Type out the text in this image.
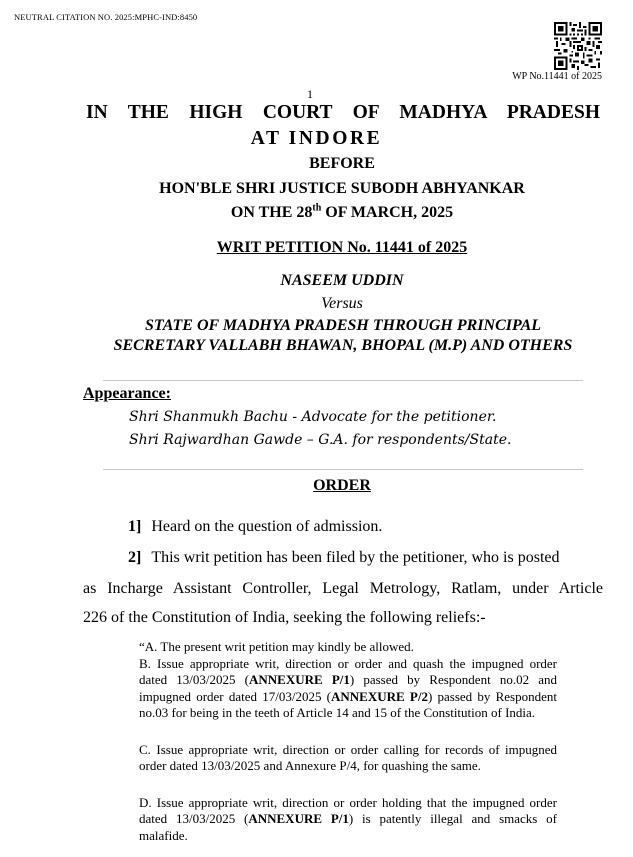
NEUTRAL CITATION NO. 2025:MPHC-IND:8450
WP No.11441 of 2025
1
IN THE HIGH COURT OF MADHYA PRADESH
AT INDORE
BEFORE
HON'BLE SHRI JUSTICE SUBODH ABHYANKAR
ON THE 28th OF MARCH, 2025
WRIT PETITION No. 11441 of 2025
NASEEM UDDIN
Versus
STATE OF MADHYA PRADESH THROUGH PRINCIPAL
SECRETARY VALLABH BHAWAN, BHOPAL (M.P) AND OTHERS
Appearance:
Shri Shanmukh Bachu - Advocate for the petitioner.
Shri Rajwardhan Gawde – G.A. for respondents/State.
ORDER
1] Heard on the question of admission.
2] This writ petition has been filed by the petitioner, who is posted
as Incharge Assistant Controller, Legal Metrology, Ratlam, under Article
226 of the Constitution of India, seeking the following reliefs:-
“A. The present writ petition may kindly be allowed.
B. Issue appropriate writ, direction or order and quash the impugned order dated 13/03/2025 (ANNEXURE P/1) passed by Respondent no.02 and impugned order dated 17/03/2025 (ANNEXURE P/2) passed by Respondent no.03 for being in the teeth of Article 14 and 15 of the Constitution of India.
C. Issue appropriate writ, direction or order calling for records of impugned order dated 13/03/2025 and Annexure P/4, for quashing the same.
D. Issue appropriate writ, direction or order holding that the impugned order dated 13/03/2025 (ANNEXURE P/1) is patently illegal and smacks of malafide.
